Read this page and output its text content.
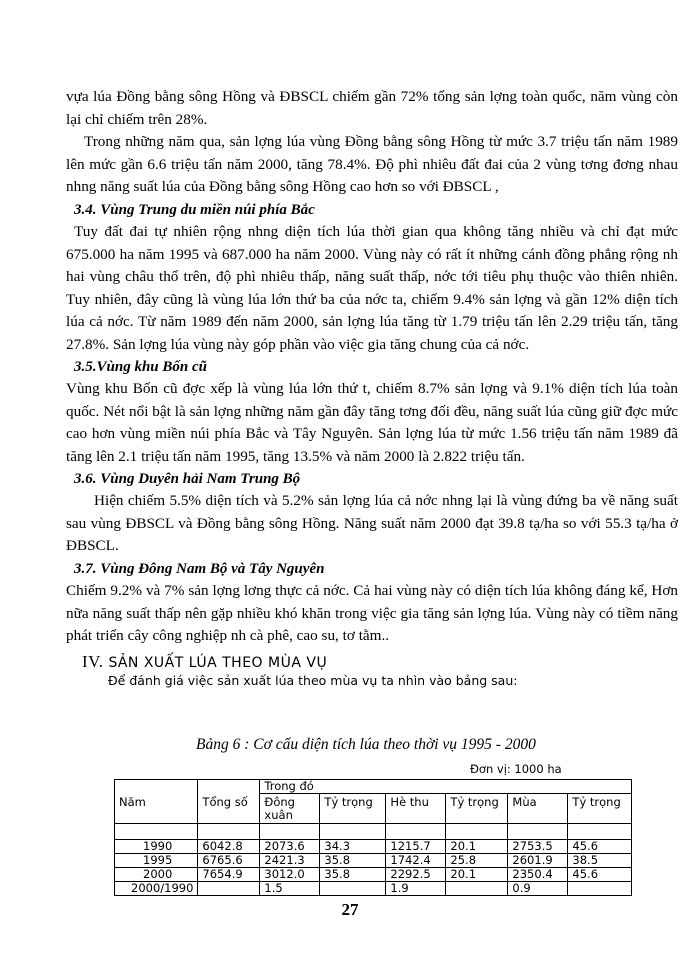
vựa lúa Đồng bằng sông Hồng và ĐBSCL chiếm gần 72% tổng sản lợng toàn quốc, năm vùng còn lại chỉ chiếm trên 28%.

Trong những năm qua, sản lợng lúa vùng Đồng bằng sông Hồng từ mức 3.7 triệu tấn năm 1989 lên mức gần 6.6 triệu tấn năm 2000, tăng 78.4%. Độ phì nhiêu đất đai của 2 vùng tơng đơng nhau nhng năng suất lúa của Đồng bằng sông Hồng cao hơn so với ĐBSCL ,

3.4. Vùng Trung du miền núi phía Bắc

Tuy đất đai tự nhiên rộng nhng diện tích lúa thời gian qua không tăng nhiều và chỉ đạt mức 675.000 ha năm 1995 và 687.000 ha năm 2000. Vùng này có rất ít những cánh đồng phẳng rộng nh hai vùng châu thổ trên, độ phì nhiêu thấp, năng suất thấp, nớc tới tiêu phụ thuộc vào thiên nhiên. Tuy nhiên, đây cũng là vùng lúa lớn thứ ba của nớc ta, chiếm 9.4% sản lợng và gần 12% diện tích lúa cả nớc. Từ năm 1989 đến năm 2000, sản lợng lúa tăng từ 1.79 triệu tấn lên 2.29 triệu tấn, tăng 27.8%. Sản lợng lúa vùng này góp phần vào việc gia tăng chung của cả nớc.

3.5.Vùng khu Bốn cũ

Vùng khu Bốn cũ đợc xếp là vùng lúa lớn thứ t, chiếm 8.7% sản lợng và 9.1% diện tích lúa toàn quốc. Nét nổi bật là sản lợng những năm gần đây tăng tơng đối đều, năng suất lúa cũng giữ đợc mức cao hơn vùng miền núi phía Bắc và Tây Nguyên. Sản lợng lúa từ mức 1.56 triệu tấn năm 1989 đã tăng lên 2.1 triệu tấn năm 1995, tăng 13.5% và năm 2000 là 2.822 triệu tấn.

3.6. Vùng Duyên hải Nam Trung Bộ

Hiện chiếm 5.5% diện tích và 5.2% sản lợng lúa cả nớc nhng lại là vùng đứng ba về năng suất sau vùng ĐBSCL và Đồng bằng sông Hồng. Năng suất năm 2000 đạt 39.8 tạ/ha so với 55.3 tạ/ha ở ĐBSCL.

3.7. Vùng Đông Nam Bộ và Tây Nguyên

Chiếm 9.2% và 7% sản lợng lơng thực cả nớc. Cả hai vùng này có diện tích lúa không đáng kể, Hơn nữa năng suất thấp nên gặp nhiều khó khăn trong việc gia tăng sản lợng lúa. Vùng này có tiềm năng phát triển cây công nghiệp nh cà phê, cao su, tơ tằm..

IV. SẢN XUẤT LÚA THEO MÙA VỤ

Để đánh giá việc sản xuất lúa theo mùa vụ ta nhìn vào bảng sau:

Bảng 6 : Cơ cấu diện tích lúa theo thời vụ 1995 - 2000

Đơn vị: 1000 ha

		Trong đó					
Năm	Tổng số	Đông xuân	Tỷ trọng	Hè thu	Tỷ trọng	Mùa	Tỷ trọng

1990	6042.8	2073.6	34.3	1215.7	20.1	2753.5	45.6
1995	6765.6	2421.3	35.8	1742.4	25.8	2601.9	38.5
2000	7654.9	3012.0	35.8	2292.5	20.1	2350.4	45.6
2000/1990		1.5		1.9		0.9	

27
